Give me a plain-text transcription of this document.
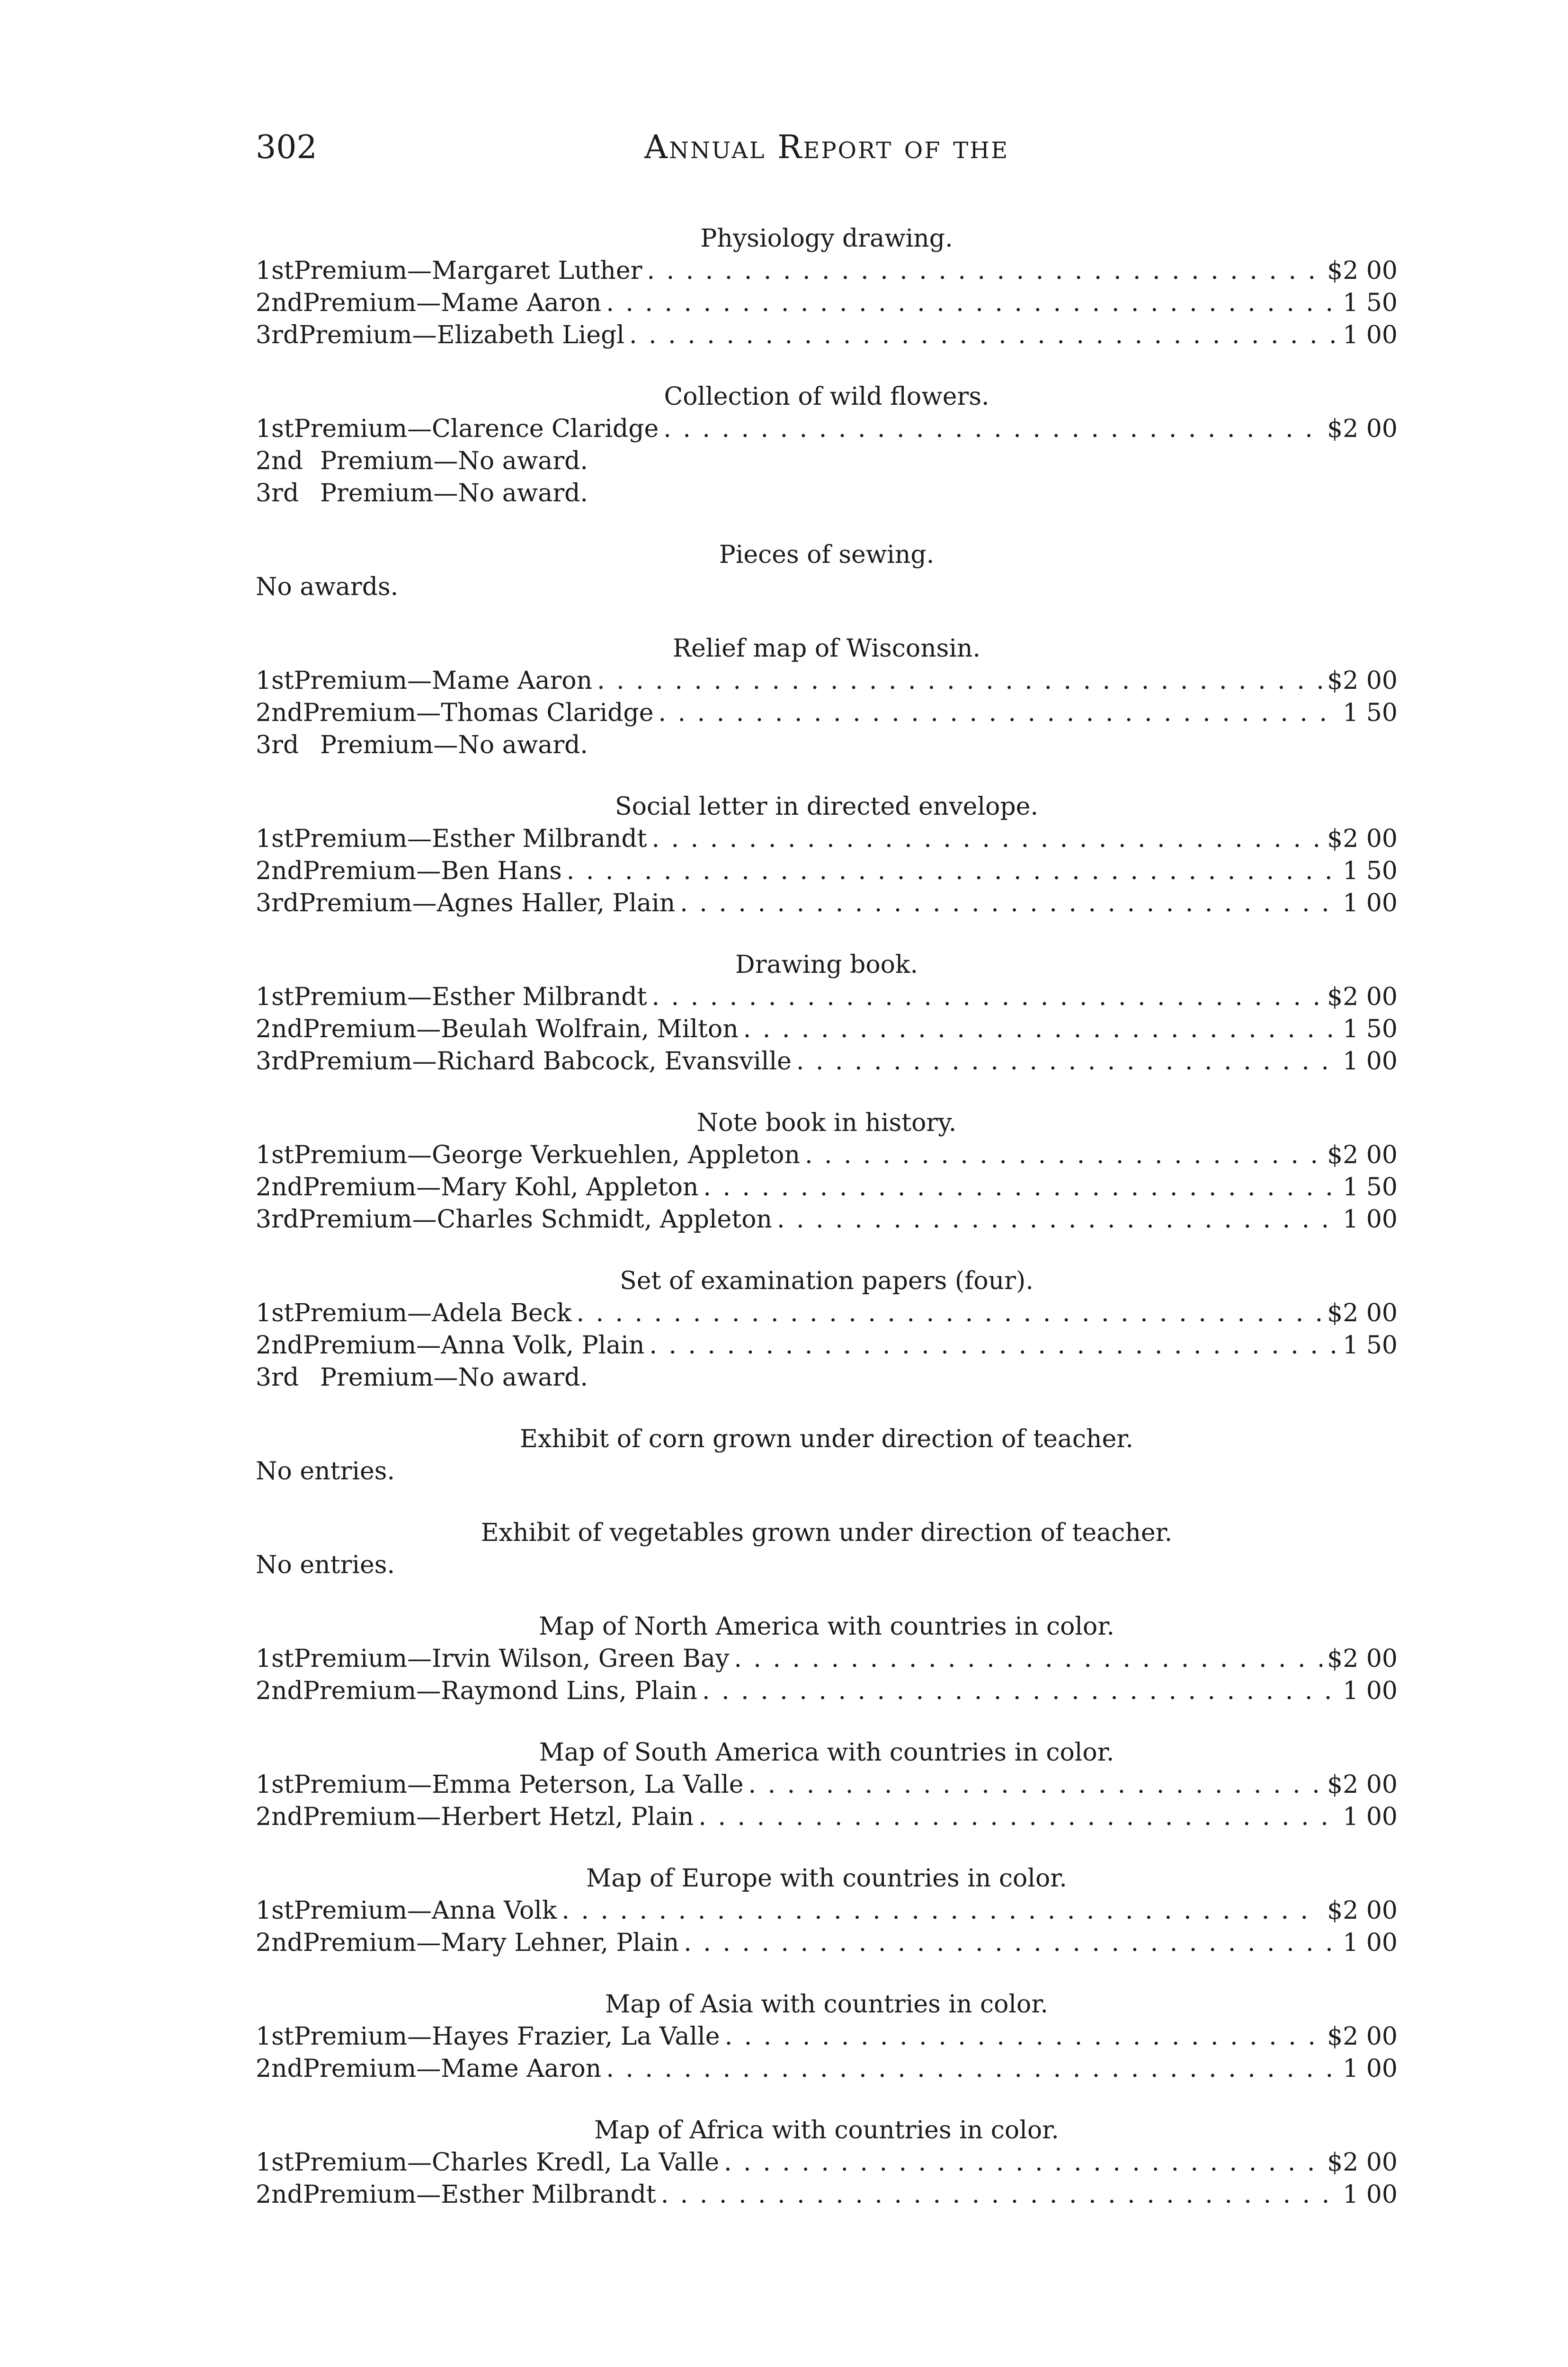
302	Annual Report of the
Physiology drawing.
1st Premium—Margaret Luther . . .	$2 00
2nd Premium—Mame Aaron . . .	1 50
3rd Premium—Elizabeth Liegl . . .	1 00
Collection of wild flowers.
1st Premium—Clarence Claridge . . .	$2 00
2nd Premium—No award.
3rd Premium—No award.
Pieces of sewing.
No awards.
Relief map of Wisconsin.
1st Premium—Mame Aaron . . .	$2 00
2nd Premium—Thomas Claridge . . .	1 50
3rd Premium—No award.
Social letter in directed envelope.
1st Premium—Esther Milbrandt . . .	$2 00
2nd Premium—Ben Hans . . .	1 50
3rd Premium—Agnes Haller, Plain . . .	1 00
Drawing book.
1st Premium—Esther Milbrandt . . .	$2 00
2nd Premium—Beulah Wolfrain, Milton . . .	1 50
3rd Premium—Richard Babcock, Evansville . . .	1 00
Note book in history.
1st Premium—George Verkuehlen, Appleton . . .	$2 00
2nd Premium—Mary Kohl, Appleton . . .	1 50
3rd Premium—Charles Schmidt, Appleton . . .	1 00
Set of examination papers (four).
1st Premium—Adela Beck . . .	$2 00
2nd Premium—Anna Volk, Plain . . .	1 50
3rd Premium—No award.
Exhibit of corn grown under direction of teacher.
No entries.
Exhibit of vegetables grown under direction of teacher.
No entries.
Map of North America with countries in color.
1st Premium—Irvin Wilson, Green Bay . . .	$2 00
2nd Premium—Raymond Lins, Plain . . .	1 00
Map of South America with countries in color.
1st Premium—Emma Peterson, La Valle . . .	$2 00
2nd Premium—Herbert Hetzl, Plain . . .	1 00
Map of Europe with countries in color.
1st Premium—Anna Volk . . .	$2 00
2nd Premium—Mary Lehner, Plain . . .	1 00
Map of Asia with countries in color.
1st Premium—Hayes Frazier, La Valle . . .	$2 00
2nd Premium—Mame Aaron . . .	1 00
Map of Africa with countries in color.
1st Premium—Charles Kredl, La Valle . . .	$2 00
2nd Premium—Esther Milbrandt . . .	1 00
